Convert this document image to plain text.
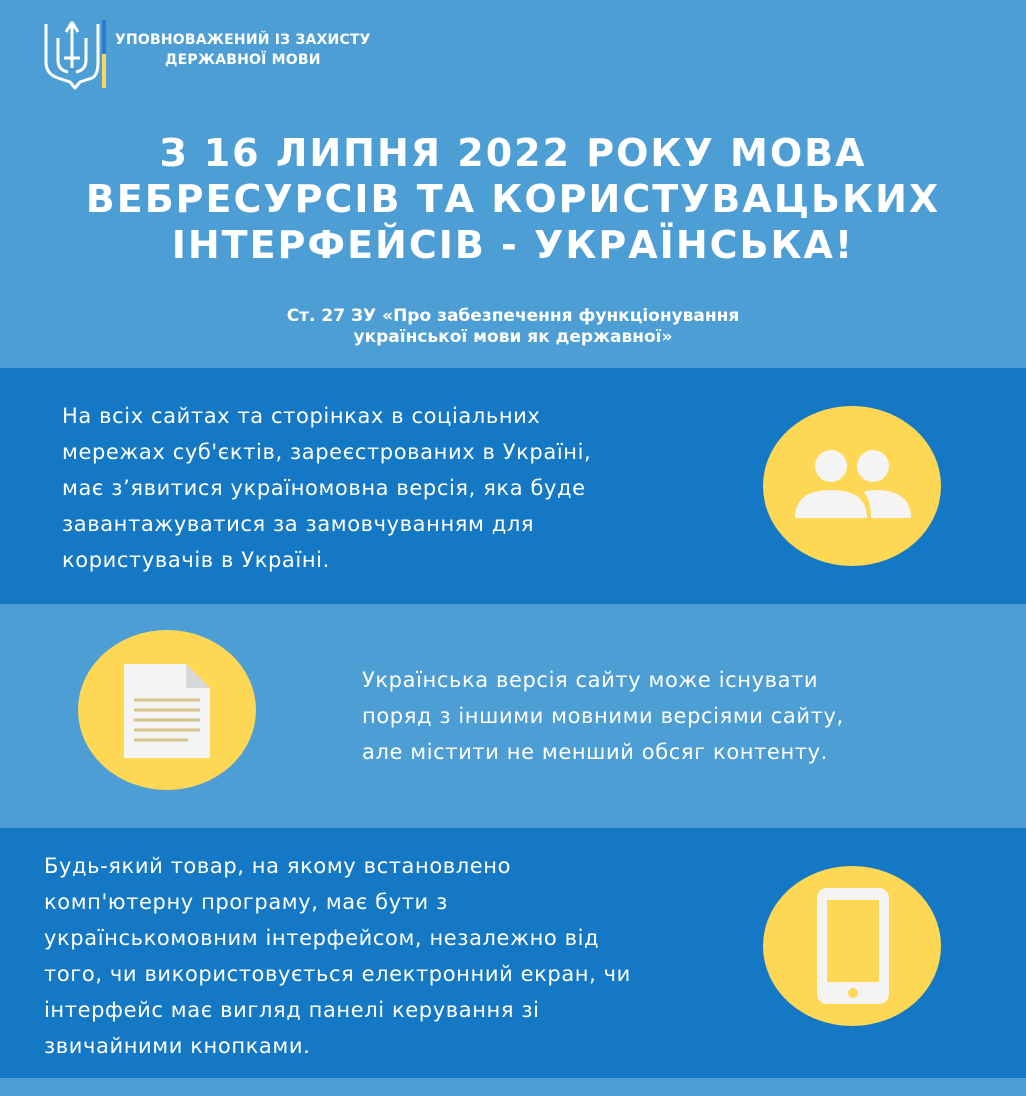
УПОВНОВАЖЕНИЙ ІЗ ЗАХИСТУ
ДЕРЖАВНОЇ МОВИ
З 16 ЛИПНЯ 2022 РОКУ МОВА
ВЕБРЕСУРСІВ ТА КОРИСТУВАЦЬКИХ
ІНТЕРФЕЙСІВ - УКРАЇНСЬКА!
Ст. 27 ЗУ «Про забезпечення функціонування
української мови як державної»
На всіх сайтах та сторінках в соціальних
мережах суб'єктів, зареєстрованих в Україні,
має з’явитися україномовна версія, яка буде
завантажуватися за замовчуванням для
користувачів в Україні.
Українська версія сайту може існувати
поряд з іншими мовними версіями сайту,
але містити не менший обсяг контенту.
Будь-який товар, на якому встановлено
комп'ютерну програму, має бути з
українськомовним інтерфейсом, незалежно від
того, чи використовується електронний екран, чи
інтерфейс має вигляд панелі керування зі
звичайними кнопками.
